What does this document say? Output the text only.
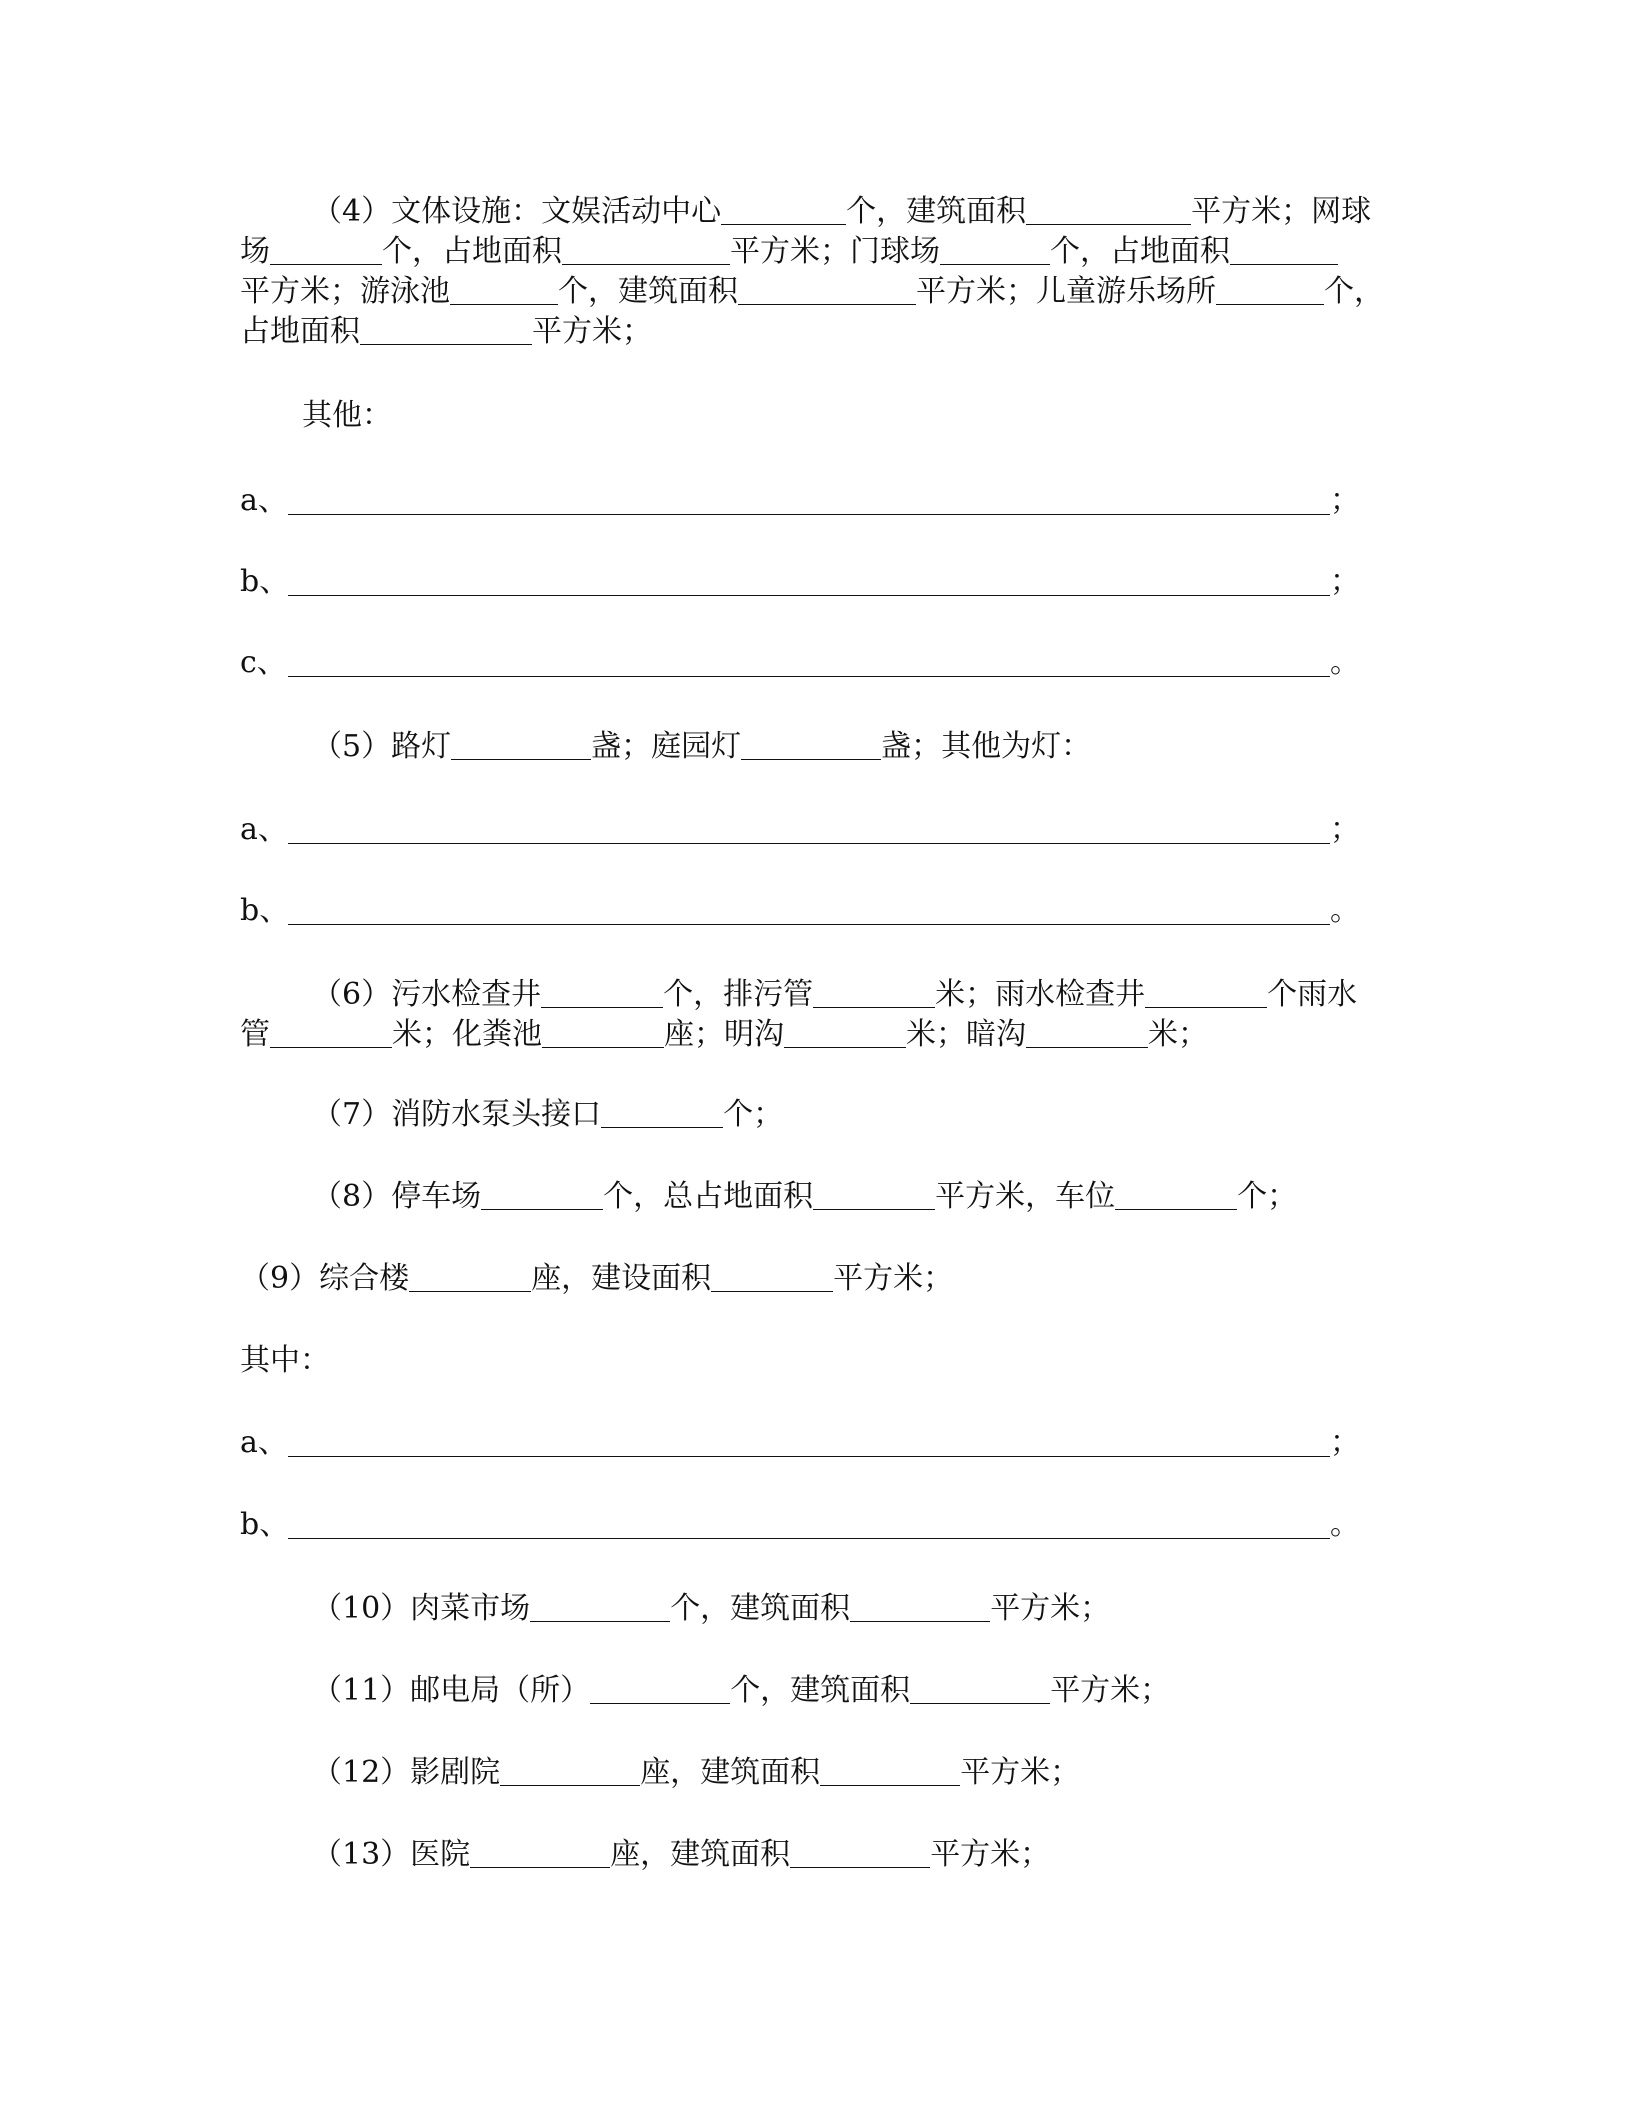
（4）文体设施：文娱活动中心	个，建筑面积	平方米；网球
场	个，占地面积	平方米；门球场	个，占地面积
平方米；游泳池	个，建筑面积	平方米；儿童游乐场所	个，
占地面积	平方米；
其他：
a、	；
b、	；
c、	。
（5）路灯	盏；庭园灯	盏；其他为灯：
a、	；
b、	。
（6）污水检查井	个，排污管	米；雨水检查井	个雨水
管	米；化粪池	座；明沟	米；暗沟	米；
（7）消防水泵头接口	个；
（8）停车场	个，总占地面积	平方米，车位	个；
（9）综合楼	座，建设面积	平方米；
其中：
a、	；
b、	。
（10）肉菜市场	个，建筑面积	平方米；
（11）邮电局（所）	个，建筑面积	平方米；
（12）影剧院	座，建筑面积	平方米；
（13）医院	座，建筑面积	平方米；
